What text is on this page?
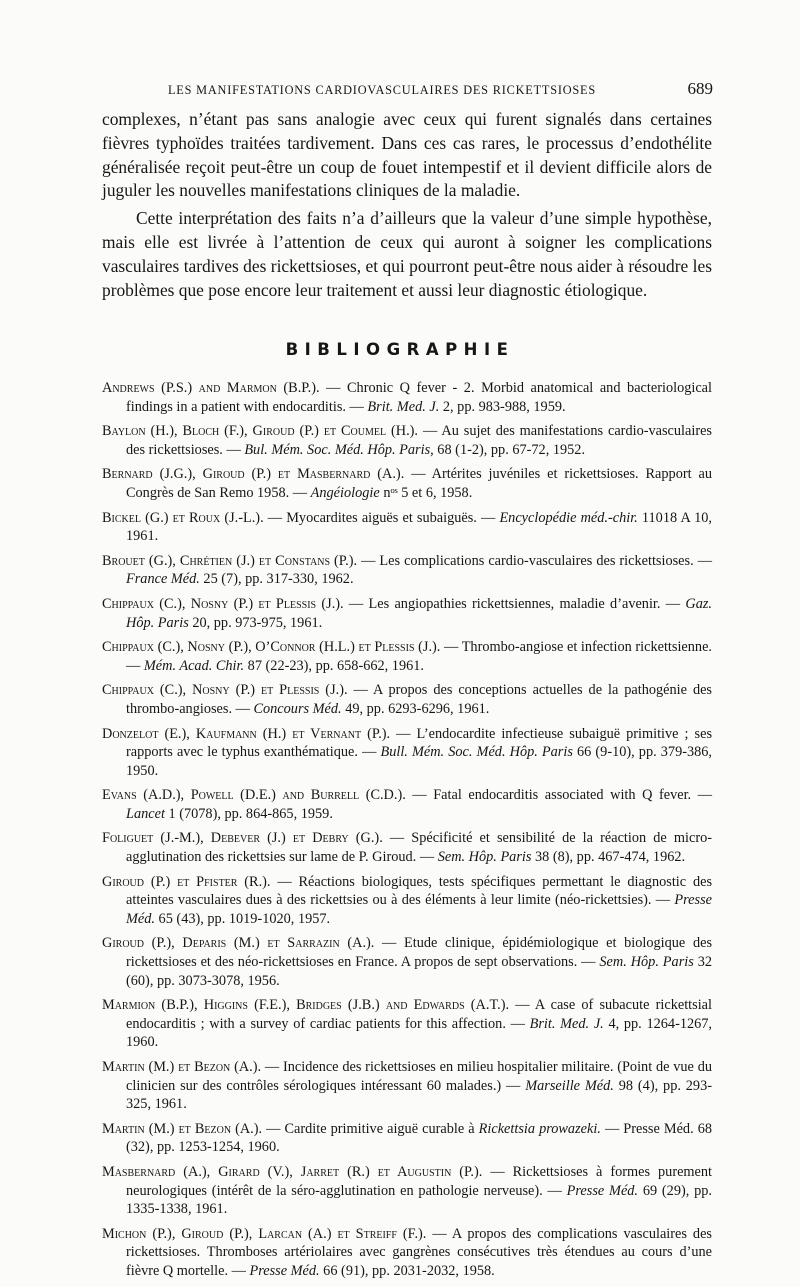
LES MANIFESTATIONS CARDIOVASCULAIRES DES RICKETTSIOSES	689

complexes, n’étant pas sans analogie avec ceux qui furent signalés dans certaines fièvres typhoïdes traitées tardivement. Dans ces cas rares, le processus d’endothélite généralisée reçoit peut-être un coup de fouet intempestif et il devient difficile alors de juguler les nouvelles manifestations cliniques de la maladie.

Cette interprétation des faits n’a d’ailleurs que la valeur d’une simple hypothèse, mais elle est livrée à l’attention de ceux qui auront à soigner les complications vasculaires tardives des rickettsioses, et qui pourront peut-être nous aider à résoudre les problèmes que pose encore leur traitement et aussi leur diagnostic étiologique.

BIBLIOGRAPHIE
Andrews (P.S.) and Marmon (B.P.). — Chronic Q fever - 2. Morbid anatomical and bacteriological findings in a patient with endocarditis. — Brit. Med. J. 2, pp. 983-988, 1959.
Baylon (H.), Bloch (F.), Giroud (P.) et Coumel (H.). — Au sujet des manifestations cardio-vasculaires des rickettsioses. — Bul. Mém. Soc. Méd. Hôp. Paris, 68 (1-2), pp. 67-72, 1952.
Bernard (J.G.), Giroud (P.) et Masbernard (A.). — Artérites juvéniles et rickettsioses. Rapport au Congrès de San Remo 1958. — Angéiologie nᵒˢ 5 et 6, 1958.
Bickel (G.) et Roux (J.-L.). — Myocardites aiguës et subaiguës. — Encyclopédie méd.-chir. 11018 A 10, 1961.
Brouet (G.), Chrétien (J.) et Constans (P.). — Les complications cardio-vasculaires des rickettsioses. — France Méd. 25 (7), pp. 317-330, 1962.
Chippaux (C.), Nosny (P.) et Plessis (J.). — Les angiopathies rickettsiennes, maladie d’avenir. — Gaz. Hôp. Paris 20, pp. 973-975, 1961.
Chippaux (C.), Nosny (P.), O’Connor (H.L.) et Plessis (J.). — Thrombo-angiose et infection rickettsienne. — Mém. Acad. Chir. 87 (22-23), pp. 658-662, 1961.
Chippaux (C.), Nosny (P.) et Plessis (J.). — A propos des conceptions actuelles de la pathogénie des thrombo-angioses. — Concours Méd. 49, pp. 6293-6296, 1961.
Donzelot (E.), Kaufmann (H.) et Vernant (P.). — L’endocardite infectieuse subaiguë primitive ; ses rapports avec le typhus exanthématique. — Bull. Mém. Soc. Méd. Hôp. Paris 66 (9-10), pp. 379-386, 1950.
Evans (A.D.), Powell (D.E.) and Burrell (C.D.). — Fatal endocarditis associated with Q fever. — Lancet 1 (7078), pp. 864-865, 1959.
Foliguet (J.-M.), Debever (J.) et Debry (G.). — Spécificité et sensibilité de la réaction de micro-agglutination des rickettsies sur lame de P. Giroud. — Sem. Hôp. Paris 38 (8), pp. 467-474, 1962.
Giroud (P.) et Pfister (R.). — Réactions biologiques, tests spécifiques permettant le diagnostic des atteintes vasculaires dues à des rickettsies ou à des éléments à leur limite (néo-rickettsies). — Presse Méd. 65 (43), pp. 1019-1020, 1957.
Giroud (P.), Deparis (M.) et Sarrazin (A.). — Etude clinique, épidémiologique et biologique des rickettsioses et des néo-rickettsioses en France. A propos de sept observations. — Sem. Hôp. Paris 32 (60), pp. 3073-3078, 1956.
Marmion (B.P.), Higgins (F.E.), Bridges (J.B.) and Edwards (A.T.). — A case of subacute rickettsial endocarditis ; with a survey of cardiac patients for this affection. — Brit. Med. J. 4, pp. 1264-1267, 1960.
Martin (M.) et Bezon (A.). — Incidence des rickettsioses en milieu hospitalier militaire. (Point de vue du clinicien sur des contrôles sérologiques intéressant 60 malades.) — Marseille Méd. 98 (4), pp. 293-325, 1961.
Martin (M.) et Bezon (A.). — Cardite primitive aiguë curable à Rickettsia prowazeki. — Presse Méd. 68 (32), pp. 1253-1254, 1960.
Masbernard (A.), Girard (V.), Jarret (R.) et Augustin (P.). — Rickettsioses à formes purement neurologiques (intérêt de la séro-agglutination en pathologie nerveuse). — Presse Méd. 69 (29), pp. 1335-1338, 1961.
Michon (P.), Giroud (P.), Larcan (A.) et Streiff (F.). — A propos des complications vasculaires des rickettsioses. Thromboses artériolaires avec gangrènes consécutives très étendues au cours d’une fièvre Q mortelle. — Presse Méd. 66 (91), pp. 2031-2032, 1958.
